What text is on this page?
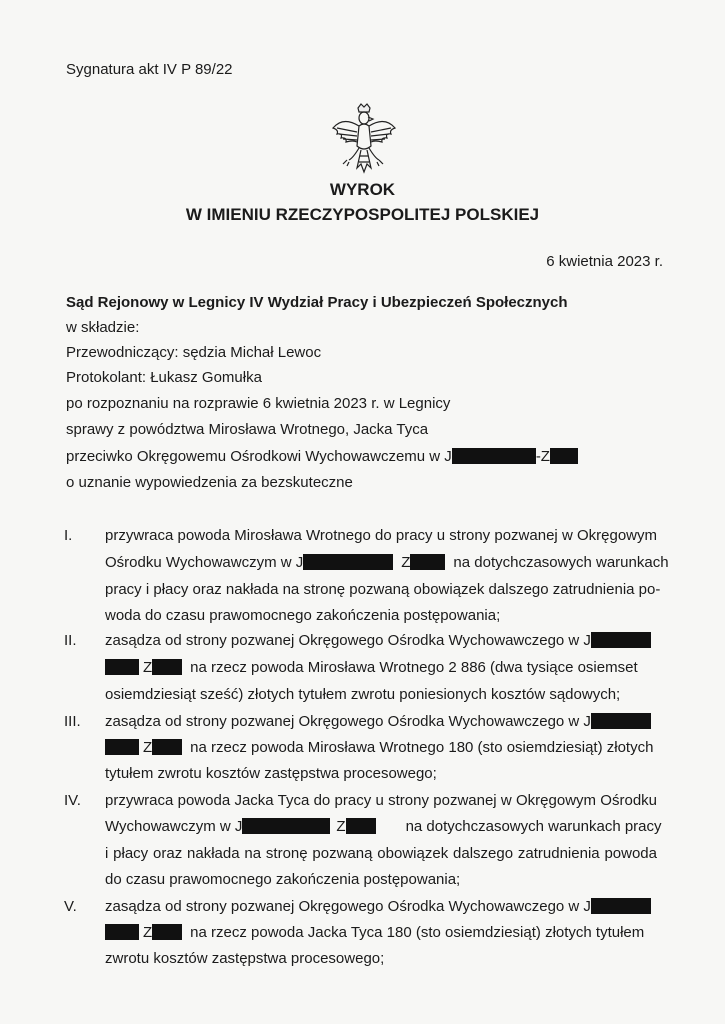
Sygnatura akt IV P 89/22
WYROK
W IMIENIU RZECZYPOSPOLITEJ POLSKIEJ
6 kwietnia 2023 r.
Sąd Rejonowy w Legnicy IV Wydział Pracy i Ubezpieczeń Społecznych
w składzie:
Przewodniczący: sędzia Michał Lewoc
Protokolant: Łukasz Gomułka
po rozpoznaniu na rozprawie 6 kwietnia 2023 r. w Legnicy
sprawy z powództwa Mirosława Wrotnego, Jacka Tyca
przeciwko Okręgowemu Ośrodkowi Wychowawczemu w J	-Z
o uznanie wypowiedzenia za bezskuteczne
I. przywraca powoda Mirosława Wrotnego do pracy u strony pozwanej w Okręgowym
Ośrodku Wychowawczym w J	Z	na dotychczasowych warunkach
pracy i płacy oraz nakłada na stronę pozwaną obowiązek dalszego zatrudnienia po-
woda do czasu prawomocnego zakończenia postępowania;
II. zasądza od strony pozwanej Okręgowego Ośrodka Wychowawczego w J
Z	na rzecz powoda Mirosława Wrotnego 2 886 (dwa tysiące osiemset
osiemdziesiąt sześć) złotych tytułem zwrotu poniesionych kosztów sądowych;
III. zasądza od strony pozwanej Okręgowego Ośrodka Wychowawczego w J
Z	na rzecz powoda Mirosława Wrotnego 180 (sto osiemdziesiąt) złotych
tytułem zwrotu kosztów zastępstwa procesowego;
IV. przywraca powoda Jacka Tyca do pracy u strony pozwanej w Okręgowym Ośrodku
Wychowawczym w J	Z	na dotychczasowych warunkach pracy
i płacy oraz nakłada na stronę pozwaną obowiązek dalszego zatrudnienia powoda
do czasu prawomocnego zakończenia postępowania;
V. zasądza od strony pozwanej Okręgowego Ośrodka Wychowawczego w J
Z	na rzecz powoda Jacka Tyca 180 (sto osiemdziesiąt) złotych tytułem
zwrotu kosztów zastępstwa procesowego;
